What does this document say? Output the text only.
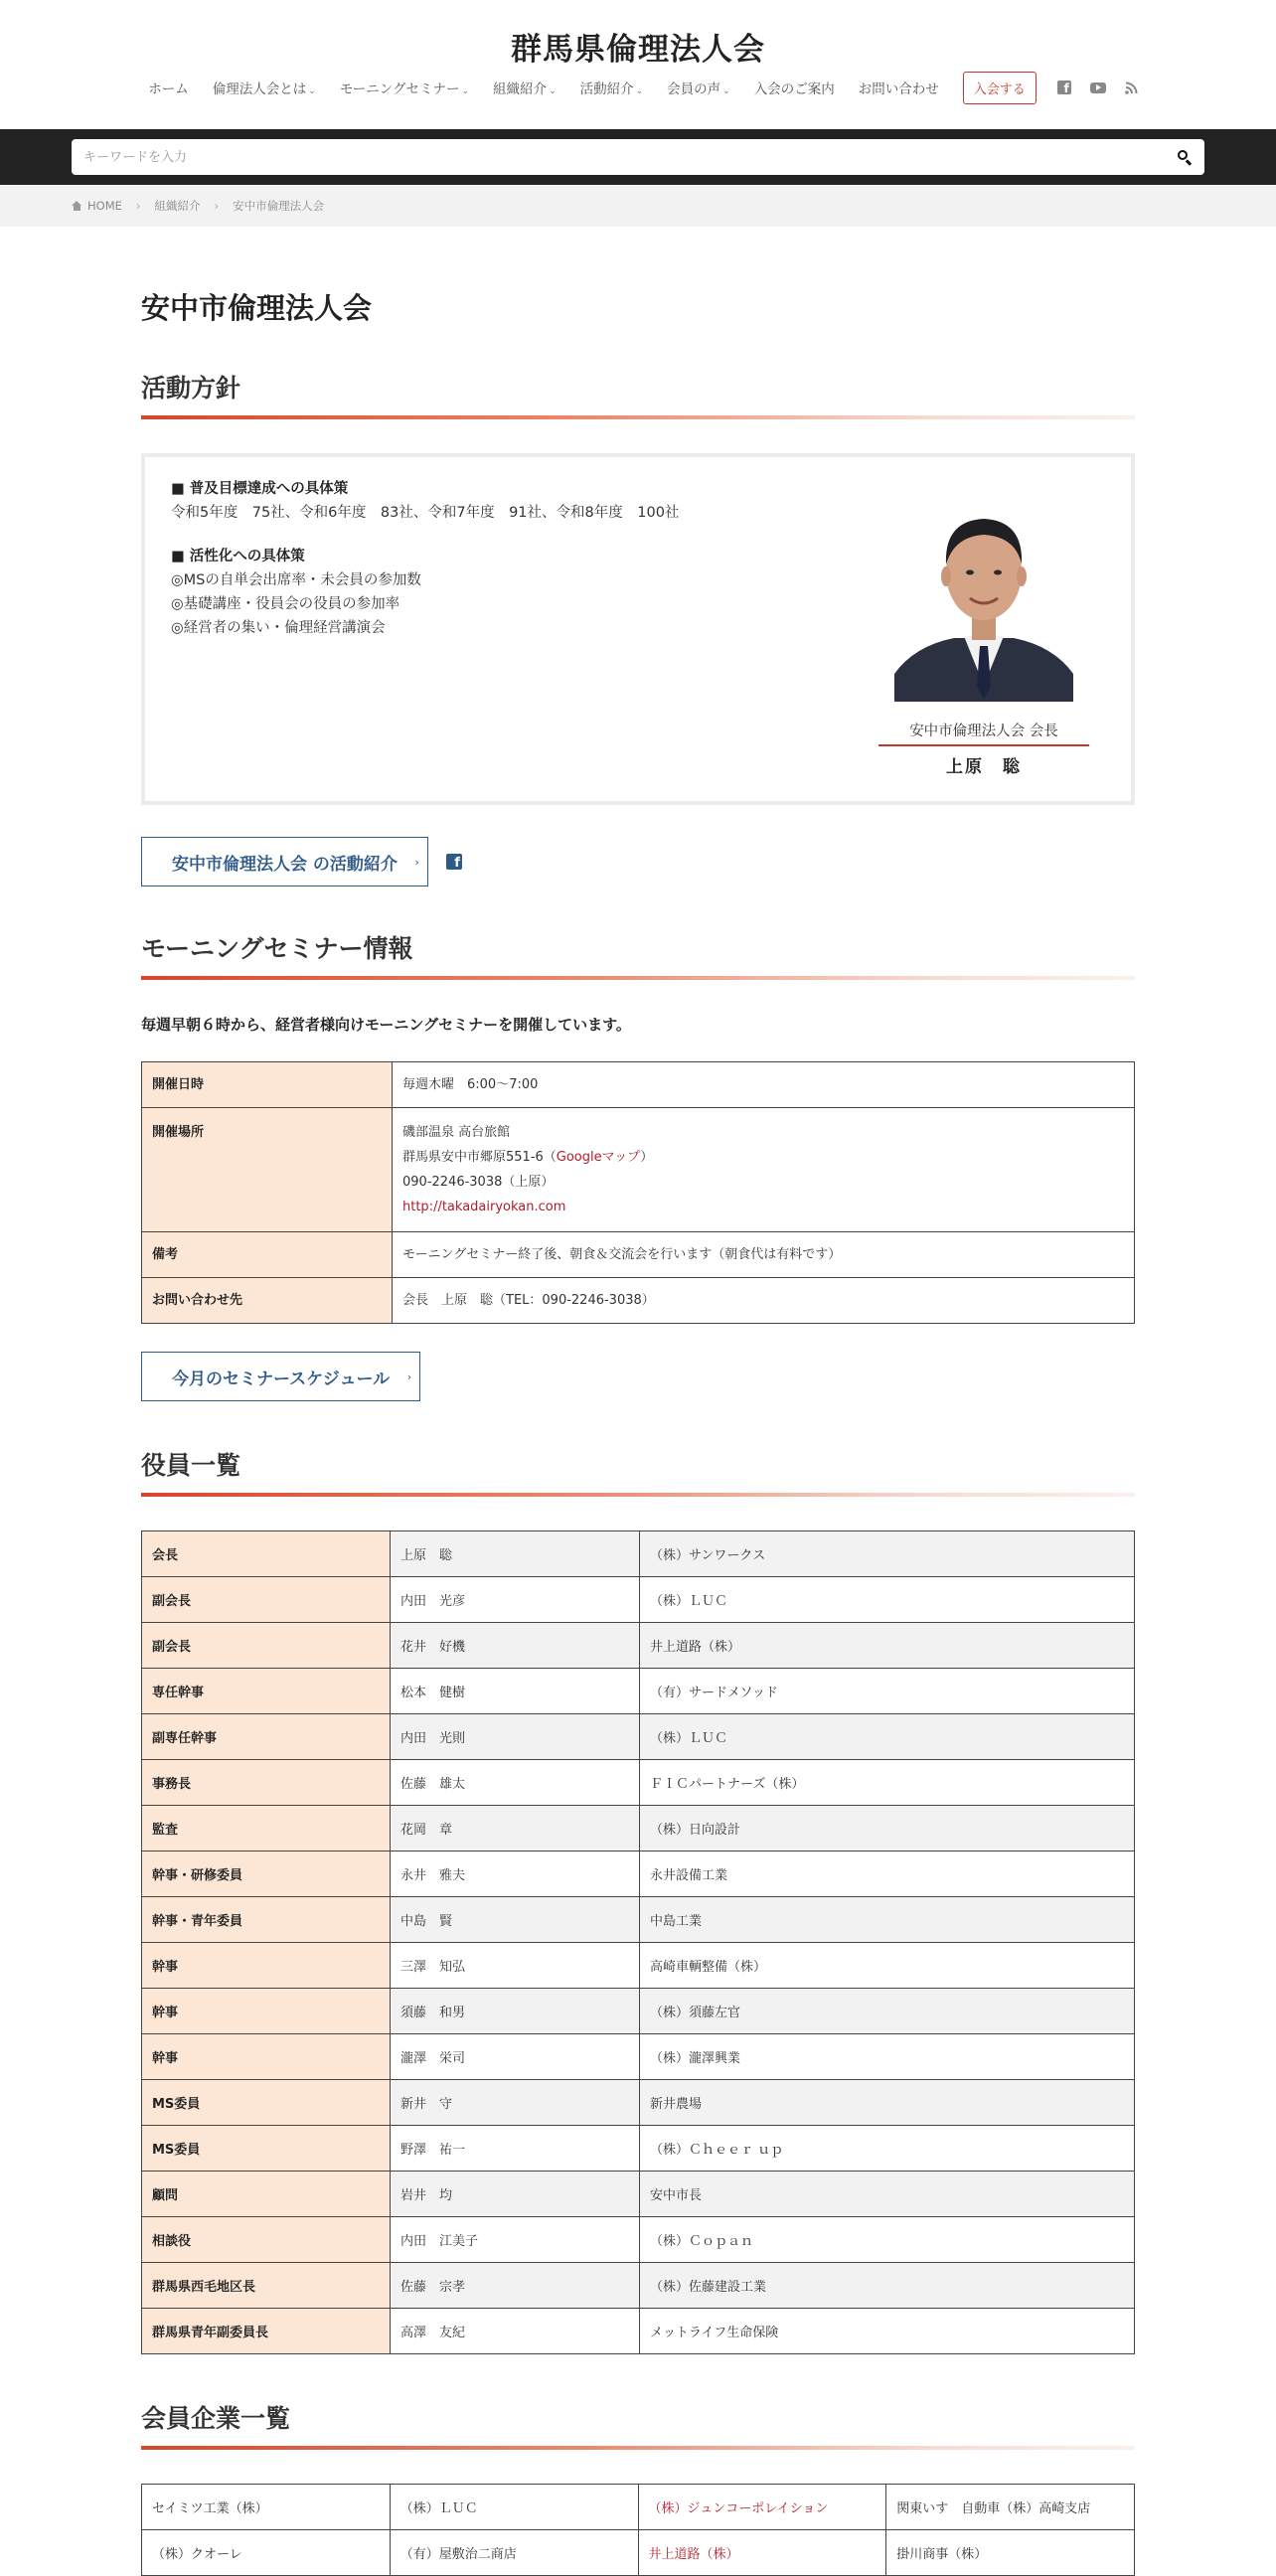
群馬県倫理法人会
ホーム	倫理法人会とは ⌄	モーニングセミナー ⌄	組織紹介 ⌄	活動紹介 ⌄	会員の声 ⌄	入会のご案内	お問い合わせ	入会する	f
キーワードを入力
HOME › 組織紹介 › 安中市倫理法人会
安中市倫理法人会
活動方針
■ 普及目標達成への具体策
令和5年度　75社、令和6年度　83社、令和7年度　91社、令和8年度　100社
■ 活性化への具体策
◎MSの自単会出席率・未会員の参加数
◎基礎講座・役員会の役員の参加率
◎経営者の集い・倫理経営講演会
安中市倫理法人会 会長
上原　聡
安中市倫理法人会 の活動紹介 ›	f
モーニングセミナー情報

毎週早朝６時から、経営者様向けモーニングセミナーを開催しています。

開催日時	毎週木曜　6:00～7:00

開催場所	磯部温泉 高台旅館
群馬県安中市郷原551-6（Googleマップ）
090-2246-3038（上原）
http://takadairyokan.com

備考	モーニングセミナー終了後、朝食＆交流会を行います（朝食代は有料です）

お問い合わせ先	会長　上原　聡（TEL：090-2246-3038）
今月のセミナースケジュール ›
役員一覧
会長	上原　聡	（株）サンワークス
副会長	内田　光彦	（株）ＬＵＣ
副会長	花井　好機	井上道路（株）
専任幹事	松本　健樹	（有）サードメソッド
副専任幹事	内田　光則	（株）ＬＵＣ
事務長	佐藤　雄太	ＦＩＣパートナーズ（株）
監査	花岡　章	（株）日向設計
幹事・研修委員	永井　雅夫	永井設備工業
幹事・青年委員	中島　賢	中島工業
幹事	三澤　知弘	高崎車輌整備（株）
幹事	須藤　和男	（株）須藤左官
幹事	瀧澤　栄司	（株）瀧澤興業
MS委員	新井　守	新井農場
MS委員	野澤　祐一	（株）Ｃｈｅｅｒ ｕｐ
顧問	岩井　均	安中市長
相談役	内田　江美子	（株）Ｃｏｐａｎ
群馬県西毛地区長	佐藤　宗孝	（株）佐藤建設工業
群馬県青年副委員長	高澤　友紀	メットライフ生命保険
会員企業一覧
セイミツ工業（株）	（株）ＬＵＣ	（株）ジュンコーポレイション	関東いす　自動車（株）高崎支店
（株）クオーレ	（有）屋敷治二商店	井上道路（株）	掛川商事（株）
